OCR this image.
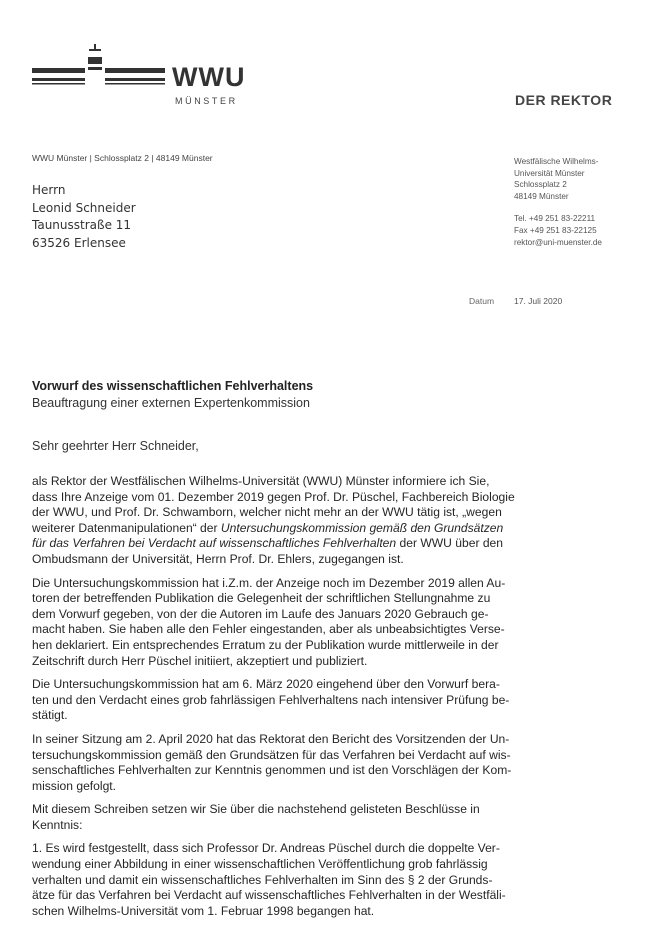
WWU
MÜNSTER	DER REKTOR
WWU Münster | Schlossplatz 2 | 48149 Münster
Herrn
Leonid Schneider
Taunusstraße 11
63526 Erlensee
Westfälische Wilhelms-
Universität Münster
Schlossplatz 2
48149 Münster
Tel. +49 251 83-22211
Fax +49 251 83-22125
rektor@uni-muenster.de
Datum 17. Juli 2020
Vorwurf des wissenschaftlichen Fehlverhaltens
Beauftragung einer externen Expertenkommission
Sehr geehrter Herr Schneider,
als Rektor der Westfälischen Wilhelms-Universität (WWU) Münster informiere ich Sie,
dass Ihre Anzeige vom 01. Dezember 2019 gegen Prof. Dr. Püschel, Fachbereich Biologie
der WWU, und Prof. Dr. Schwamborn, welcher nicht mehr an der WWU tätig ist, „wegen
weiterer Datenmanipulationen“ der Untersuchungskommission gemäß den Grundsätzen
für das Verfahren bei Verdacht auf wissenschaftliches Fehlverhalten der WWU über den
Ombudsmann der Universität, Herrn Prof. Dr. Ehlers, zugegangen ist.
Die Untersuchungskommission hat i.Z.m. der Anzeige noch im Dezember 2019 allen Au-
toren der betreffenden Publikation die Gelegenheit der schriftlichen Stellungnahme zu
dem Vorwurf gegeben, von der die Autoren im Laufe des Januars 2020 Gebrauch ge-
macht haben. Sie haben alle den Fehler eingestanden, aber als unbeabsichtigtes Verse-
hen deklariert. Ein entsprechendes Erratum zu der Publikation wurde mittlerweile in der
Zeitschrift durch Herr Püschel initiiert, akzeptiert und publiziert.
Die Untersuchungskommission hat am 6. März 2020 eingehend über den Vorwurf bera-
ten und den Verdacht eines grob fahrlässigen Fehlverhaltens nach intensiver Prüfung be-
stätigt.
In seiner Sitzung am 2. April 2020 hat das Rektorat den Bericht des Vorsitzenden der Un-
tersuchungskommission gemäß den Grundsätzen für das Verfahren bei Verdacht auf wis-
senschaftliches Fehlverhalten zur Kenntnis genommen und ist den Vorschlägen der Kom-
mission gefolgt.
Mit diesem Schreiben setzen wir Sie über die nachstehend gelisteten Beschlüsse in
Kenntnis:
1. Es wird festgestellt, dass sich Professor Dr. Andreas Püschel durch die doppelte Ver-
wendung einer Abbildung in einer wissenschaftlichen Veröffentlichung grob fahrlässig
verhalten und damit ein wissenschaftliches Fehlverhalten im Sinn des § 2 der Grunds-
ätze für das Verfahren bei Verdacht auf wissenschaftliches Fehlverhalten in der Westfäli-
schen Wilhelms-Universität vom 1. Februar 1998 begangen hat.
